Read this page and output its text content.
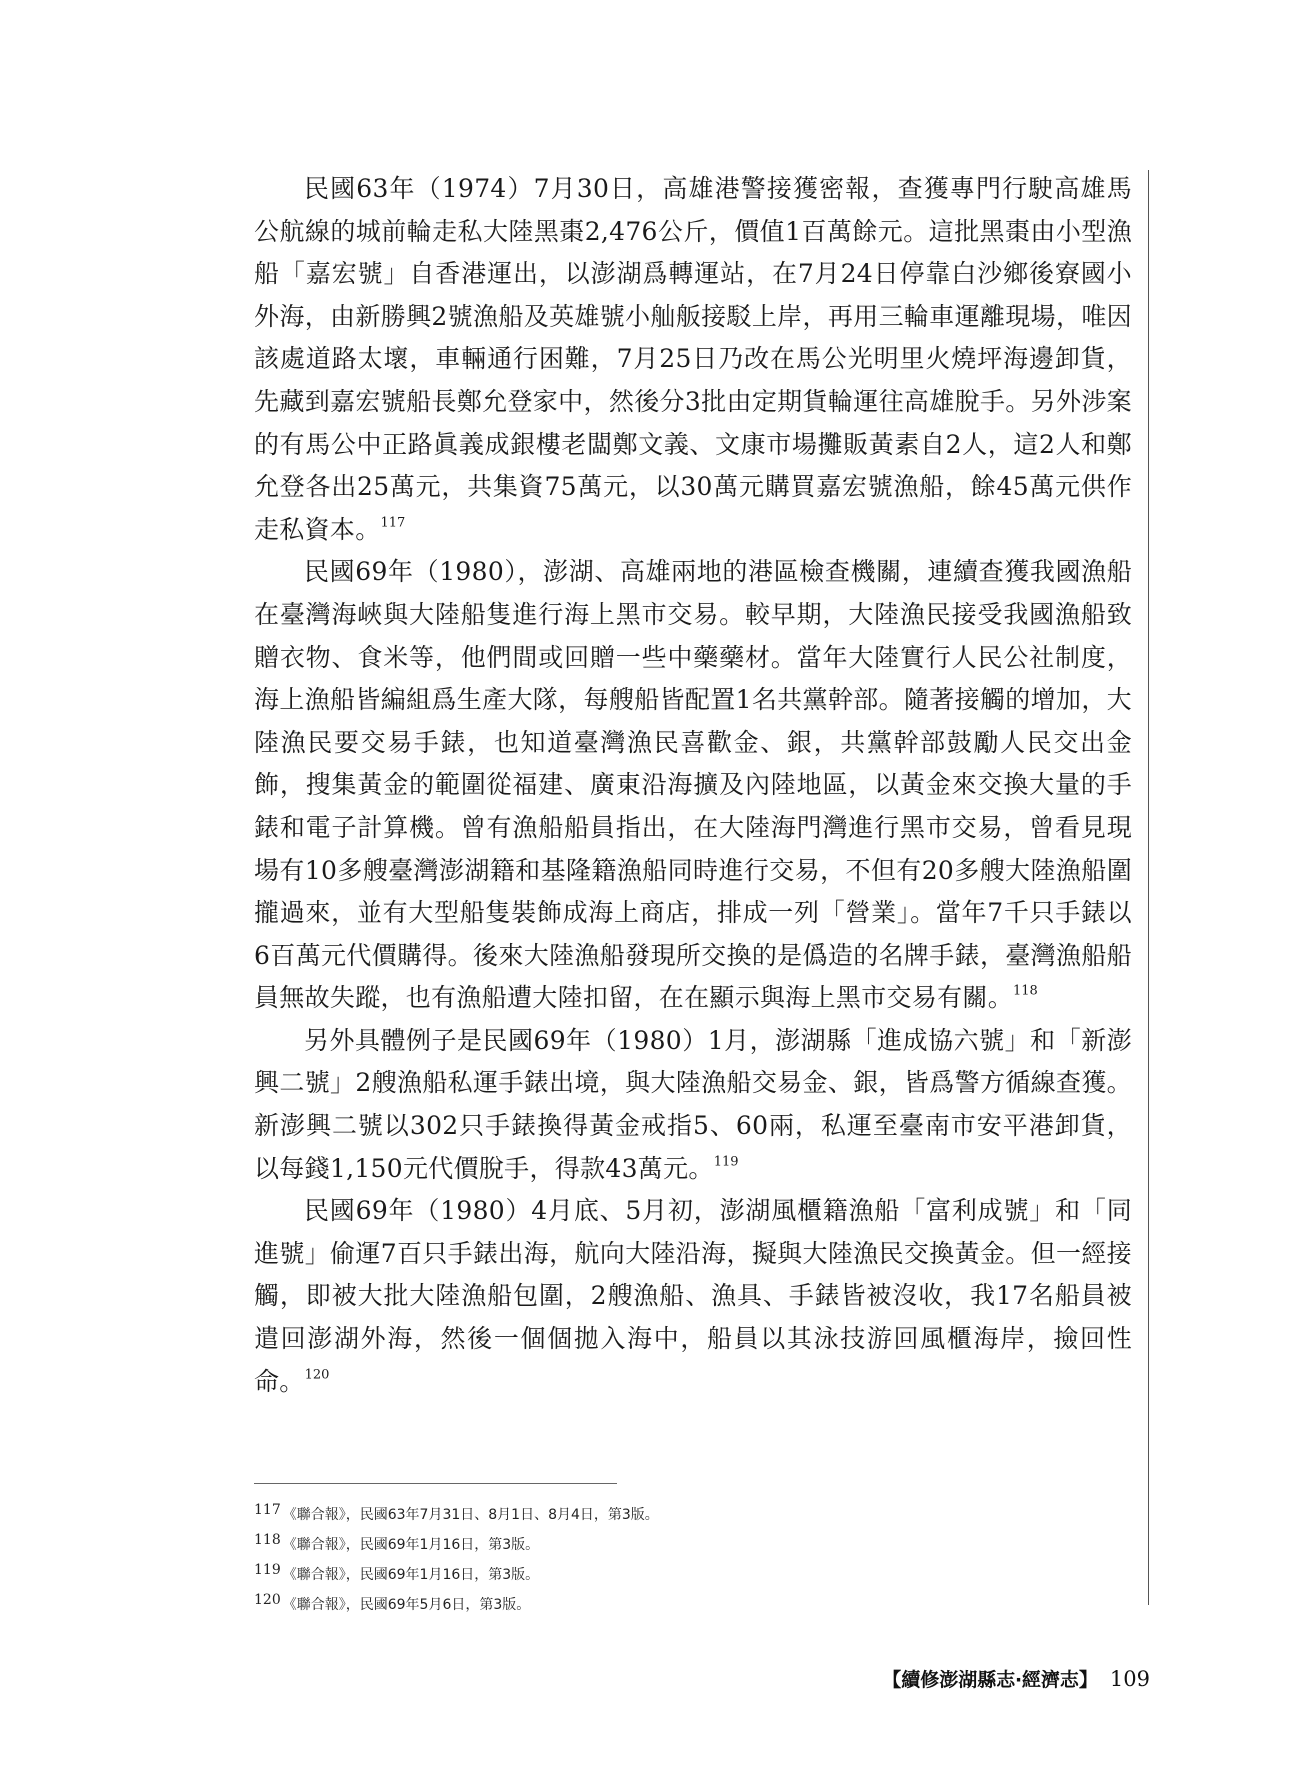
民國63年（1974）7月30日，高雄港警接獲密報，查獲專門行駛高雄馬公航線的城前輪走私大陸黑棗2,476公斤，價值1百萬餘元。這批黑棗由小型漁船「嘉宏號」自香港運出，以澎湖爲轉運站，在7月24日停靠白沙鄉後寮國小外海，由新勝興2號漁船及英雄號小舢舨接駁上岸，再用三輪車運離現場，唯因該處道路太壞，車輛通行困難，7月25日乃改在馬公光明里火燒坪海邊卸貨，先藏到嘉宏號船長鄭允登家中，然後分3批由定期貨輪運往高雄脫手。另外涉案的有馬公中正路眞義成銀樓老闆鄭文義、文康市場攤販黃素自2人，這2人和鄭允登各出25萬元，共集資75萬元，以30萬元購買嘉宏號漁船，餘45萬元供作走私資本。$^{117}$

民國69年（1980），澎湖、高雄兩地的港區檢查機關，連續查獲我國漁船在臺灣海峽與大陸船隻進行海上黑市交易。較早期，大陸漁民接受我國漁船致贈衣物、食米等，他們間或回贈一些中藥藥材。當年大陸實行人民公社制度，海上漁船皆編組爲生產大隊，每艘船皆配置1名共黨幹部。隨著接觸的增加，大陸漁民要交易手錶，也知道臺灣漁民喜歡金、銀，共黨幹部鼓勵人民交出金飾，搜集黃金的範圍從福建、廣東沿海擴及內陸地區，以黃金來交換大量的手錶和電子計算機。曾有漁船船員指出，在大陸海門灣進行黑市交易，曾看見現場有10多艘臺灣澎湖籍和基隆籍漁船同時進行交易，不但有20多艘大陸漁船圍攏過來，並有大型船隻裝飾成海上商店，排成一列「營業」。當年7千只手錶以6百萬元代價購得。後來大陸漁船發現所交換的是僞造的名牌手錶，臺灣漁船船員無故失蹤，也有漁船遭大陸扣留，在在顯示與海上黑市交易有關。$^{118}$

另外具體例子是民國69年（1980）1月，澎湖縣「進成協六號」和「新澎興二號」2艘漁船私運手錶出境，與大陸漁船交易金、銀，皆爲警方循線查獲。新澎興二號以302只手錶換得黃金戒指5、60兩，私運至臺南市安平港卸貨，以每錢1,150元代價脫手，得款43萬元。$^{119}$

民國69年（1980）4月底、5月初，澎湖風櫃籍漁船「富利成號」和「同進號」偷運7百只手錶出海，航向大陸沿海，擬與大陸漁民交換黃金。但一經接觸，即被大批大陸漁船包圍，2艘漁船、漁具、手錶皆被沒收，我17名船員被遣回澎湖外海，然後一個個拋入海中，船員以其泳技游回風櫃海岸，撿回性命。$^{120}$

117 《聯合報》，民國63年7月31日、8月1日、8月4日，第3版。
118 《聯合報》，民國69年1月16日，第3版。
119 《聯合報》，民國69年1月16日，第3版。
120 《聯合報》，民國69年5月6日，第3版。
【續修澎湖縣志‧經濟志】 109
